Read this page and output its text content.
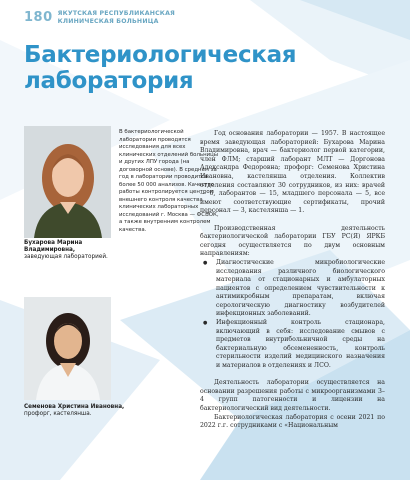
180 ЯКУТСКАЯ РЕСПУБЛИКАНСКАЯ
КЛИНИЧЕСКАЯ БОЛЬНИЦА
Бактериологическая лаборатория
В бактериологической лаборатории проводятся исследования для всех клинических отделений больницы и других ЛПУ города (на договорной основе). В среднем за год в лаборатории проводится более 50 000 анализов. Качество работы контролируется центром внешнего контроля качества клинических лабораторных исследований г. Москва — ФСВОК, а также внутренним контролем качества.
Бухарова Марина Владимировна,
заведующая лабораторией.
Семенова Христина Ивановна,
профорг, кастелянша.

Год основания лаборатории — 1957. В настоящее время заведующая лабораторией: Бухарова Марина Владимировна, врач — бактериолог первой категории, член ФЛМ; старший лаборант МЛТ — Доргонова Александра Федоровна; профорг: Семенова Христина Ивановна, кастелянша отделения. Коллектив отделения составляют 30 сотрудников, из них: врачей — 6, лаборантов — 15, младшего персонала — 5, все имеют соответствующие сертификаты, прочий персонал — 3, кастелянша — 1.

Производственная деятельность бактериологической лаборатории ГБУ РС(Я) ЯРКБ сегодня осуществляется по двум основным направлениям:

● Диагностические микробиологические исследования различного биологического материала от стационарных и амбулаторных пациентов с определением чувствительности к антимикробным препаратам, включая серологическую диагностику возбудителей инфекционных заболеваний.
● Инфекционный контроль стационара, включающий в себя: исследование смывов с предметов внутрибольничной среды на бактериальную обсемененность, контроль стерильности изделий медицинского назначения и материалов в отделениях и ЛСО.

Деятельность лаборатории осуществляется на основании разрешения работы с микроорганизмами 3–4 групп патогенности и лицензии на бактериологический вид деятельности.

Бактериологическая лаборатория с осени 2021 по 2022 г.г. сотрудниками с «Национальным
